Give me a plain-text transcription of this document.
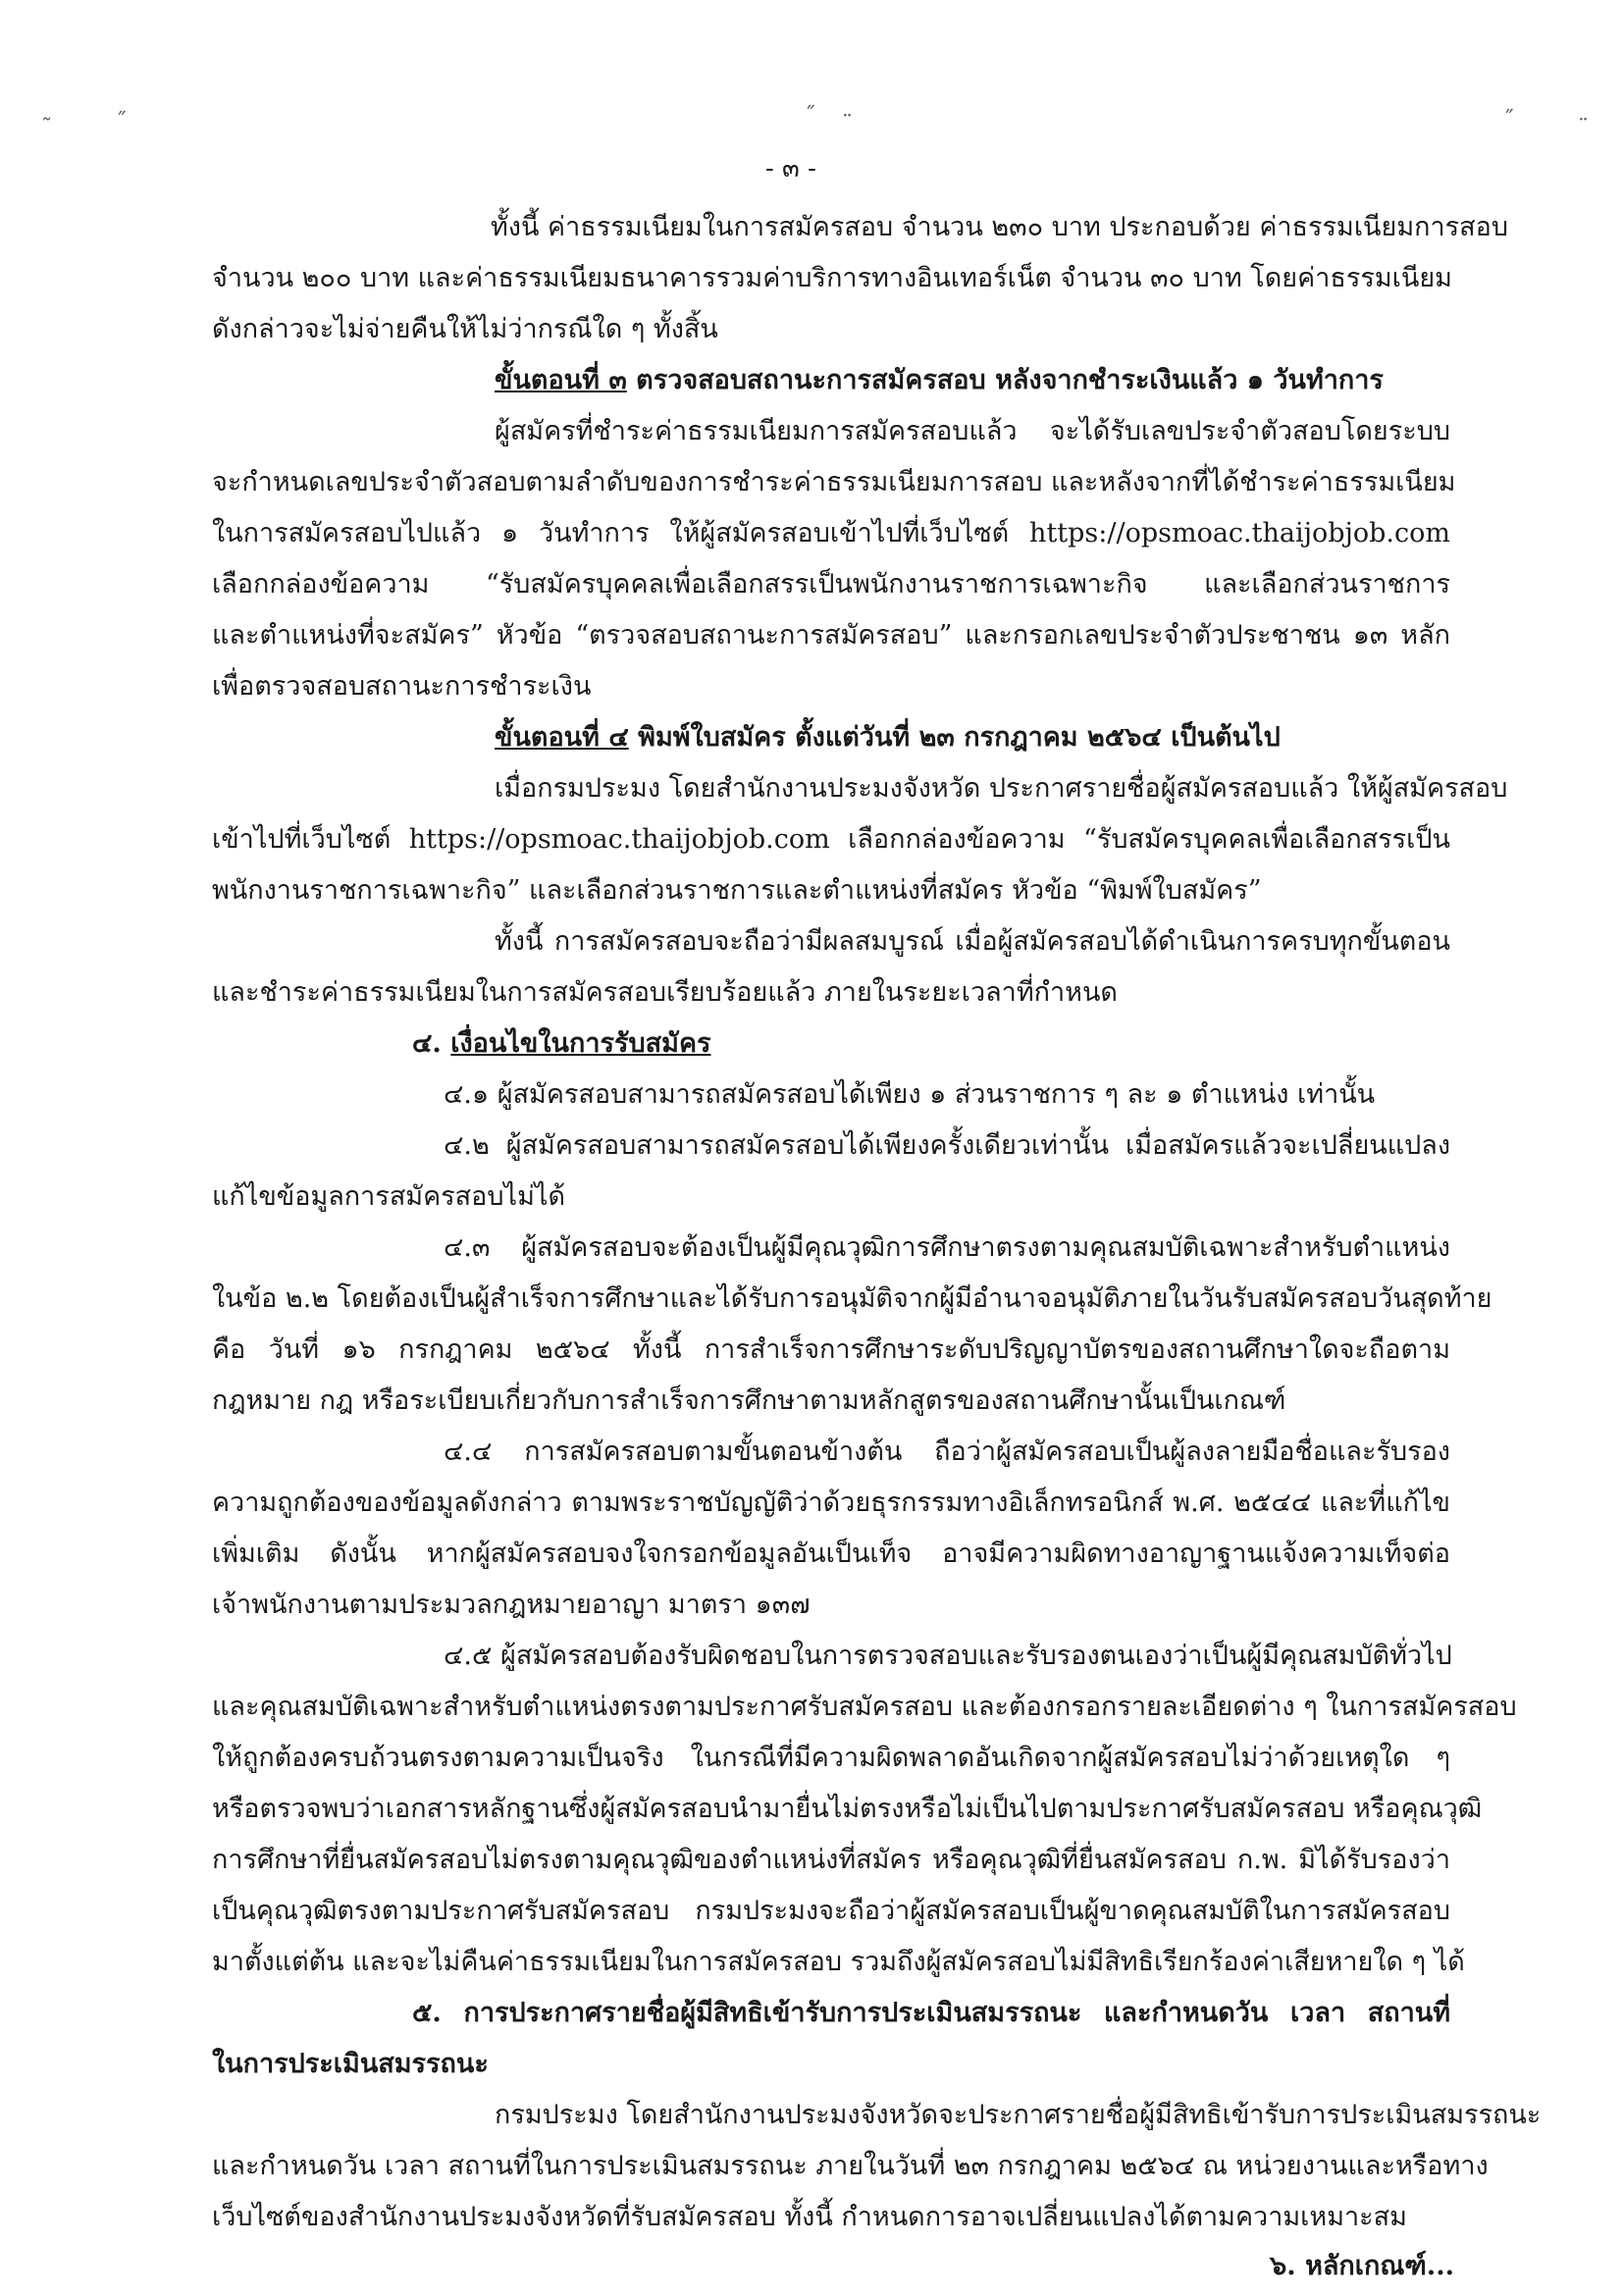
˜	˝	˝ ¨	˝	¨
- ๓ -
ทั้งนี้ ค่าธรรมเนียมในการสมัครสอบ จำนวน ๒๓๐ บาท ประกอบด้วย ค่าธรรมเนียมการสอบ
จำนวน ๒๐๐ บาท และค่าธรรมเนียมธนาคารรวมค่าบริการทางอินเทอร์เน็ต จำนวน ๓๐ บาท โดยค่าธรรมเนียม
ดังกล่าวจะไม่จ่ายคืนให้ไม่ว่ากรณีใด ๆ ทั้งสิ้น
ขั้นตอนที่ ๓ ตรวจสอบสถานะการสมัครสอบ หลังจากชำระเงินแล้ว ๑ วันทำการ
ผู้สมัครที่ชำระค่าธรรมเนียมการสมัครสอบแล้ว จะได้รับเลขประจำตัวสอบโดยระบบ
จะกำหนดเลขประจำตัวสอบตามลำดับของการชำระค่าธรรมเนียมการสอบ และหลังจากที่ได้ชำระค่าธรรมเนียม
ในการสมัครสอบไปแล้ว ๑ วันทำการ ให้ผู้สมัครสอบเข้าไปที่เว็บไซต์ https://opsmoac.thaijobjob.com
เลือกกล่องข้อความ “รับสมัครบุคคลเพื่อเลือกสรรเป็นพนักงานราชการเฉพาะกิจ และเลือกส่วนราชการ
และตำแหน่งที่จะสมัคร” หัวข้อ “ตรวจสอบสถานะการสมัครสอบ” และกรอกเลขประจำตัวประชาชน ๑๓ หลัก
เพื่อตรวจสอบสถานะการชำระเงิน
ขั้นตอนที่ ๔ พิมพ์ใบสมัคร ตั้งแต่วันที่ ๒๓ กรกฎาคม ๒๕๖๔ เป็นต้นไป
เมื่อกรมประมง โดยสำนักงานประมงจังหวัด ประกาศรายชื่อผู้สมัครสอบแล้ว ให้ผู้สมัครสอบ
เข้าไปที่เว็บไซต์ https://opsmoac.thaijobjob.com เลือกกล่องข้อความ “รับสมัครบุคคลเพื่อเลือกสรรเป็น
พนักงานราชการเฉพาะกิจ” และเลือกส่วนราชการและตำแหน่งที่สมัคร หัวข้อ “พิมพ์ใบสมัคร”
ทั้งนี้ การสมัครสอบจะถือว่ามีผลสมบูรณ์ เมื่อผู้สมัครสอบได้ดำเนินการครบทุกขั้นตอน
และชำระค่าธรรมเนียมในการสมัครสอบเรียบร้อยแล้ว ภายในระยะเวลาที่กำหนด
๔. เงื่อนไขในการรับสมัคร
๔.๑ ผู้สมัครสอบสามารถสมัครสอบได้เพียง ๑ ส่วนราชการ ๆ ละ ๑ ตำแหน่ง เท่านั้น
๔.๒ ผู้สมัครสอบสามารถสมัครสอบได้เพียงครั้งเดียวเท่านั้น เมื่อสมัครแล้วจะเปลี่ยนแปลง
แก้ไขข้อมูลการสมัครสอบไม่ได้
๔.๓ ผู้สมัครสอบจะต้องเป็นผู้มีคุณวุฒิการศึกษาตรงตามคุณสมบัติเฉพาะสำหรับตำแหน่ง
ในข้อ ๒.๒ โดยต้องเป็นผู้สำเร็จการศึกษาและได้รับการอนุมัติจากผู้มีอำนาจอนุมัติภายในวันรับสมัครสอบวันสุดท้าย
คือ วันที่ ๑๖ กรกฎาคม ๒๕๖๔ ทั้งนี้ การสำเร็จการศึกษาระดับปริญญาบัตรของสถานศึกษาใดจะถือตาม
กฎหมาย กฎ หรือระเบียบเกี่ยวกับการสำเร็จการศึกษาตามหลักสูตรของสถานศึกษานั้นเป็นเกณฑ์
๔.๔ การสมัครสอบตามขั้นตอนข้างต้น ถือว่าผู้สมัครสอบเป็นผู้ลงลายมือชื่อและรับรอง
ความถูกต้องของข้อมูลดังกล่าว ตามพระราชบัญญัติว่าด้วยธุรกรรมทางอิเล็กทรอนิกส์ พ.ศ. ๒๕๔๔ และที่แก้ไข
เพิ่มเติม ดังนั้น หากผู้สมัครสอบจงใจกรอกข้อมูลอันเป็นเท็จ อาจมีความผิดทางอาญาฐานแจ้งความเท็จต่อ
เจ้าพนักงานตามประมวลกฎหมายอาญา มาตรา ๑๓๗
๔.๕ ผู้สมัครสอบต้องรับผิดชอบในการตรวจสอบและรับรองตนเองว่าเป็นผู้มีคุณสมบัติทั่วไป
และคุณสมบัติเฉพาะสำหรับตำแหน่งตรงตามประกาศรับสมัครสอบ และต้องกรอกรายละเอียดต่าง ๆ ในการสมัครสอบ
ให้ถูกต้องครบถ้วนตรงตามความเป็นจริง ในกรณีที่มีความผิดพลาดอันเกิดจากผู้สมัครสอบไม่ว่าด้วยเหตุใด ๆ
หรือตรวจพบว่าเอกสารหลักฐานซึ่งผู้สมัครสอบนำมายื่นไม่ตรงหรือไม่เป็นไปตามประกาศรับสมัครสอบ หรือคุณวุฒิ
การศึกษาที่ยื่นสมัครสอบไม่ตรงตามคุณวุฒิของตำแหน่งที่สมัคร หรือคุณวุฒิที่ยื่นสมัครสอบ ก.พ. มิได้รับรองว่า
เป็นคุณวุฒิตรงตามประกาศรับสมัครสอบ กรมประมงจะถือว่าผู้สมัครสอบเป็นผู้ขาดคุณสมบัติในการสมัครสอบ
มาตั้งแต่ต้น และจะไม่คืนค่าธรรมเนียมในการสมัครสอบ รวมถึงผู้สมัครสอบไม่มีสิทธิเรียกร้องค่าเสียหายใด ๆ ได้
๕. การประกาศรายชื่อผู้มีสิทธิเข้ารับการประเมินสมรรถนะ และกำหนดวัน เวลา สถานที่
ในการประเมินสมรรถนะ
กรมประมง โดยสำนักงานประมงจังหวัดจะประกาศรายชื่อผู้มีสิทธิเข้ารับการประเมินสมรรถนะ
และกำหนดวัน เวลา สถานที่ในการประเมินสมรรถนะ ภายในวันที่ ๒๓ กรกฎาคม ๒๕๖๔ ณ หน่วยงานและหรือทาง
เว็บไซต์ของสำนักงานประมงจังหวัดที่รับสมัครสอบ ทั้งนี้ กำหนดการอาจเปลี่ยนแปลงได้ตามความเหมาะสม
๖. หลักเกณฑ์...
